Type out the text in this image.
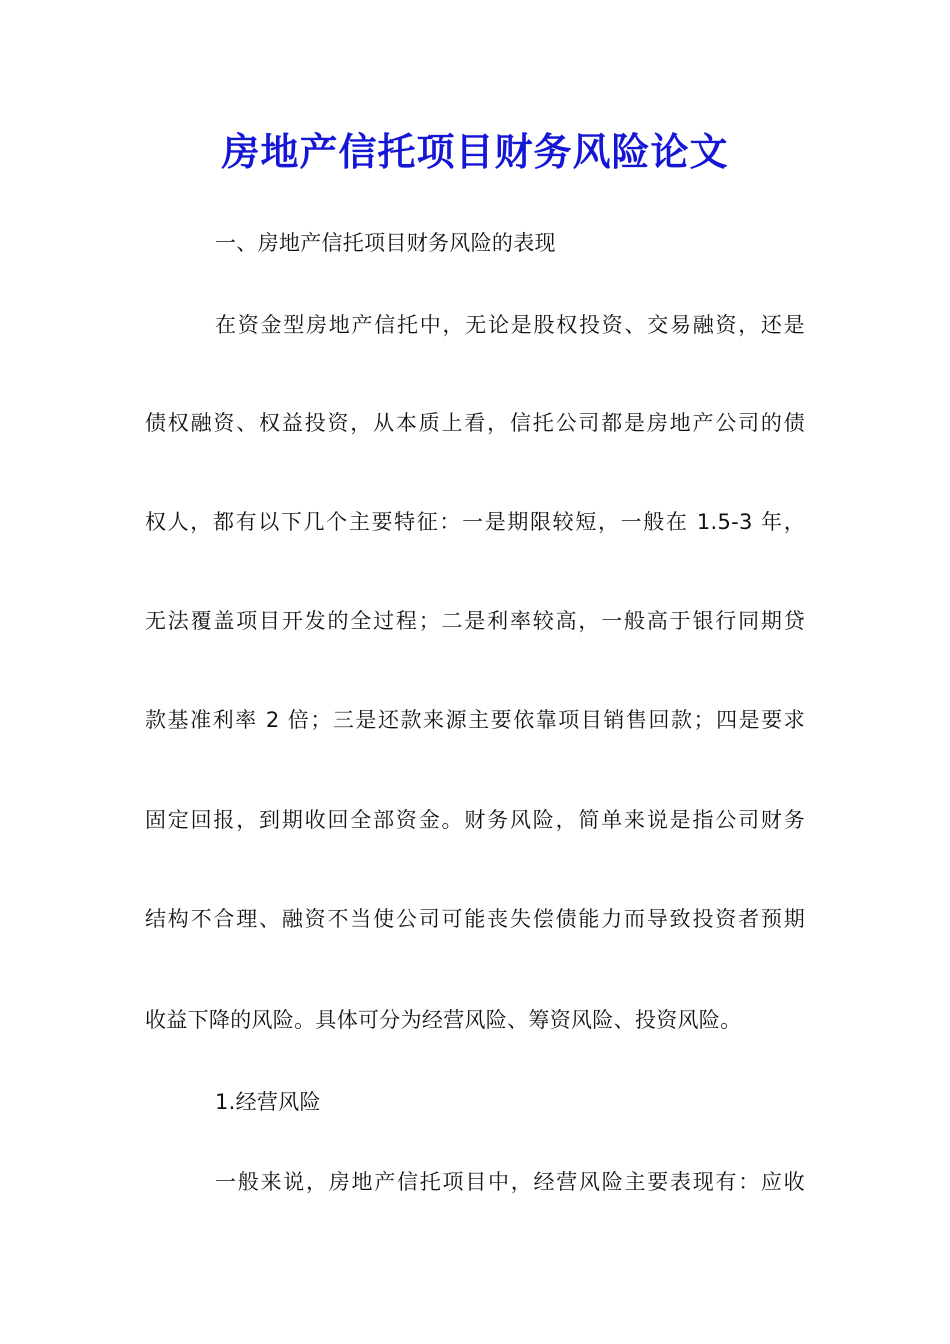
房地产信托项目财务风险论文
一、房地产信托项目财务风险的表现
在资金型房地产信托中，无论是股权投资、交易融资，还是
债权融资、权益投资，从本质上看，信托公司都是房地产公司的债
权人，都有以下几个主要特征：一是期限较短，一般在 1.5-3 年，
无法覆盖项目开发的全过程；二是利率较高，一般高于银行同期贷
款基准利率 2 倍；三是还款来源主要依靠项目销售回款；四是要求
固定回报，到期收回全部资金。财务风险，简单来说是指公司财务
结构不合理、融资不当使公司可能丧失偿债能力而导致投资者预期
收益下降的风险。具体可分为经营风险、筹资风险、投资风险。
1.经营风险
一般来说，房地产信托项目中，经营风险主要表现有：应收
